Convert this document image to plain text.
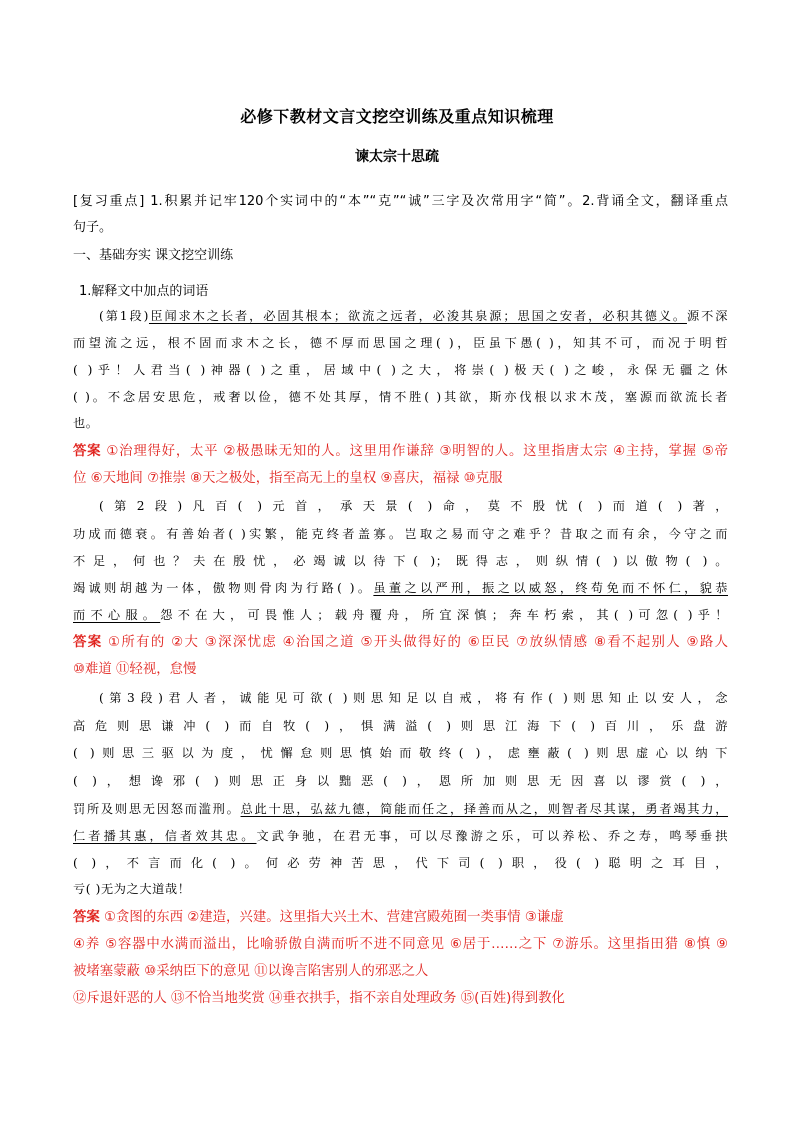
必修下教材文言文挖空训练及重点知识梳理
谏太宗十思疏

[复习重点] 1.积累并记牢120个实词中的“本”“克”“诚”三字及次常用字“简”。2.背诵全文，翻译重点

句子。

一、基础夯实 课文挖空训练

1.解释文中加点的词语

(第1段)臣闻求木之长者，必固其根本；欲流之远者，必浚其泉源；思国之安者，必积其德义。源不深

而望流之远，根不固而求木之长，德不厚而思国之理( )，臣虽下愚( )，知其不可，而况于明哲

( )乎！人君当( )神器( )之重，居域中( )之大，将崇( )极天( )之峻，永保无疆之休

( )。不念居安思危，戒奢以俭，德不处其厚，情不胜( )其欲，斯亦伐根以求木茂，塞源而欲流长者

也。

答案 ①治理得好，太平 ②极愚昧无知的人。这里用作谦辞 ③明智的人。这里指唐太宗 ④主持，掌握 ⑤帝

位 ⑥天地间 ⑦推崇 ⑧天之极处，指至高无上的皇权 ⑨喜庆，福禄 ⑩克服

(第2段)凡百( )元首，承天景( )命，莫不殷忧( )而道( )著，

功成而德衰。有善始者( )实繁，能克终者盖寡。岂取之易而守之难乎？昔取之而有余，今守之而

不足，何也？夫在殷忧，必竭诚以待下( )；既得志，则纵情( )以傲物( )。

竭诚则胡越为一体，傲物则骨肉为行路( )。虽董之以严刑，振之以威怒，终苟免而不怀仁，貌恭

而不心服。怨不在大，可畏惟人；载舟覆舟，所宜深慎；奔车朽索，其( )可忽( )乎！

答案 ①所有的 ②大 ③深深忧虑 ④治国之道 ⑤开头做得好的 ⑥臣民 ⑦放纵情感 ⑧看不起别人 ⑨路人

⑩难道 ⑪轻视，怠慢

(第3段)君人者，诚能见可欲( )则思知足以自戒，将有作( )则思知止以安人，念

高危则思谦冲( )而自牧( )，惧满溢( )则思江海下( )百川，乐盘游

( )则思三驱以为度，忧懈怠则思慎始而敬终( )，虑壅蔽( )则思虚心以纳下

( )，想谗邪( )则思正身以黜恶( )，恩所加则思无因喜以谬赏( )，

罚所及则思无因怒而滥刑。总此十思，弘兹九德，简能而任之，择善而从之，则智者尽其谋，勇者竭其力，

仁者播其惠，信者效其忠。文武争驰，在君无事，可以尽豫游之乐，可以养松、乔之寿，鸣琴垂拱

( )，不言而化( )。何必劳神苦思，代下司( )职，役( )聪明之耳目，

亏( )无为之大道哉！

答案 ①贪图的东西 ②建造，兴建。这里指大兴土木、营建宫殿苑囿一类事情 ③谦虚

④养 ⑤容器中水满而溢出，比喻骄傲自满而听不进不同意见 ⑥居于……之下 ⑦游乐。这里指田猎 ⑧慎 ⑨

被堵塞蒙蔽 ⑩采纳臣下的意见 ⑪以谗言陷害别人的邪恶之人

⑫斥退奸恶的人 ⑬不恰当地奖赏 ⑭垂衣拱手，指不亲自处理政务 ⑮(百姓)得到教化
